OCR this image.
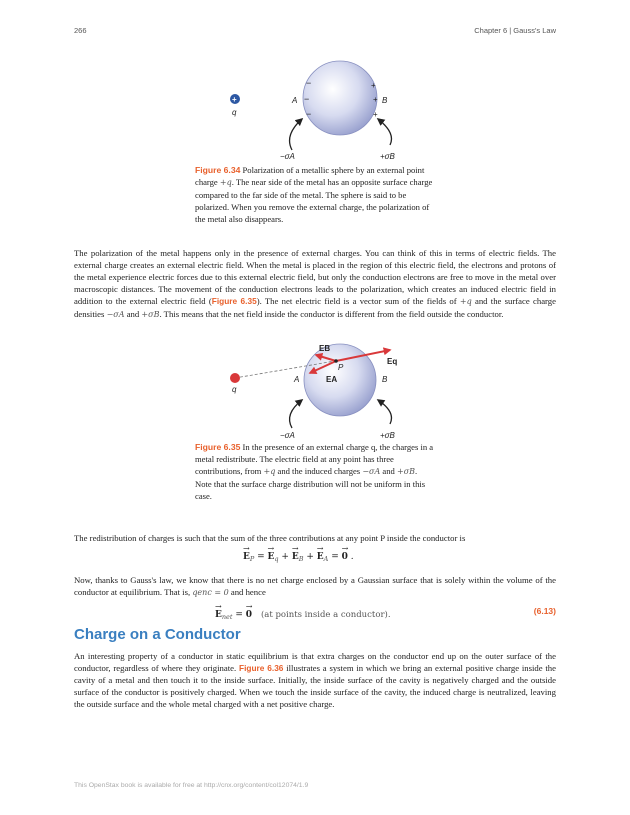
266	Chapter 6 | Gauss's Law
−
−
−
+
+
+
+
q
A	B
−σA	+σB
Figure 6.34 Polarization of a metallic sphere by an external point charge +q. The near side of the metal has an opposite surface charge compared to the far side of the metal. The sphere is said to be polarized. When you remove the external charge, the polarization of the metal also disappears.
The polarization of the metal happens only in the presence of external charges. You can think of this in terms of electric fields. The external charge creates an external electric field. When the metal is placed in the region of this electric field, the electrons and protons of the metal experience electric forces due to this external electric field, but only the conduction electrons are free to move in the metal over macroscopic distances. The movement of the conduction electrons leads to the polarization, which creates an induced electric field in addition to the external electric field (Figure 6.35). The net electric field is a vector sum of the fields of +q and the surface charge densities −σA and +σB. This means that the net field inside the conductor is different from the field outside the conductor.
EB
P
Eq
EA
A	B
q
−σA	+σB
Figure 6.35 In the presence of an external charge q, the charges in a metal redistribute. The electric field at any point has three contributions, from +q and the induced charges −σA and +σB. Note that the surface charge distribution will not be uniform in this case.
The redistribution of charges is such that the sum of the three contributions at any point P inside the conductor is
→ $E_P$ = → $E_q$ + → $E_B$ + → $E_A$ = → 0 .
Now, thanks to Gauss's law, we know that there is no net charge enclosed by a Gaussian surface that is solely within the volume of the conductor at equilibrium. That is, qenc = 0 and hence
→ $E_{net}$ = → 0 (at points inside a conductor).	(6.13)
Charge on a Conductor
An interesting property of a conductor in static equilibrium is that extra charges on the conductor end up on the outer surface of the conductor, regardless of where they originate. Figure 6.36 illustrates a system in which we bring an external positive charge inside the cavity of a metal and then touch it to the inside surface. Initially, the inside surface of the cavity is negatively charged and the outside surface of the conductor is positively charged. When we touch the inside surface of the cavity, the induced charge is neutralized, leaving the outside surface and the whole metal charged with a net positive charge.
This OpenStax book is available for free at http://cnx.org/content/col12074/1.9
